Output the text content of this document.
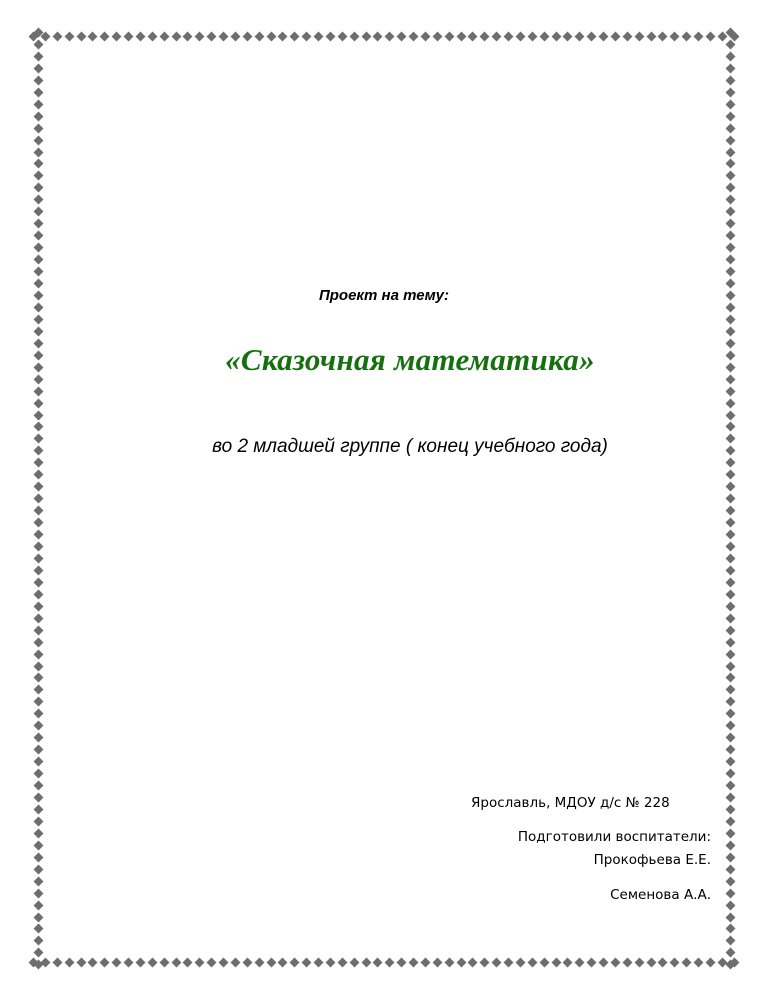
Проект на тему:
«Сказочная математика»
во 2 младшей группе ( конец учебного года)
Ярославль, МДОУ д/с № 228
Подготовили воспитатели:
Прокофьева Е.Е.
Семенова А.А.
